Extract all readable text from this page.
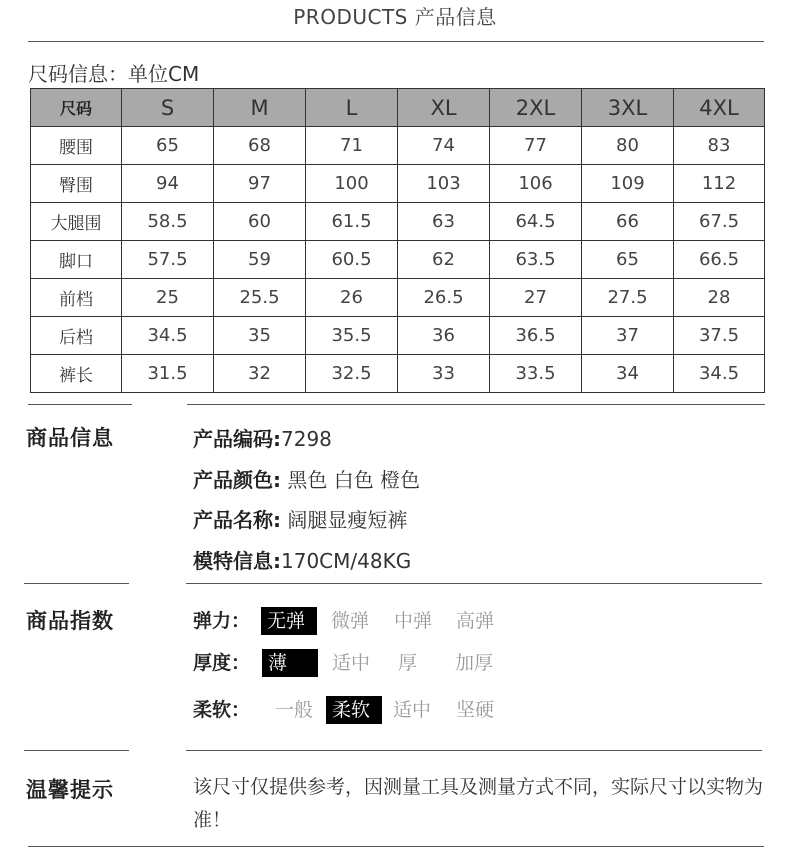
PRODUCTS 产品信息
尺码信息：单位CM
尺码	S	M	L	XL	2XL	3XL	4XL
腰围	65	68	71	74	77	80	83
臀围	94	97	100	103	106	109	112
大腿围	58.5	60	61.5	63	64.5	66	67.5
脚口	57.5	59	60.5	62	63.5	65	66.5
前档	25	25.5	26	26.5	27	27.5	28
后档	34.5	35	35.5	36	36.5	37	37.5
裤长	31.5	32	32.5	33	33.5	34	34.5
商品信息	产品编码:7298
产品颜色: 黑色 白色 橙色
产品名称: 阔腿显瘦短裤
模特信息:170CM/48KG
商品指数	弹力： 无弹	微弹 中弹 高弹
厚度： 薄	适中 厚 加厚
柔软： 一般 柔软	适中 坚硬
温馨提示	该尺寸仅提供参考，因测量工具及测量方式不同，实际尺寸以实物为准！
